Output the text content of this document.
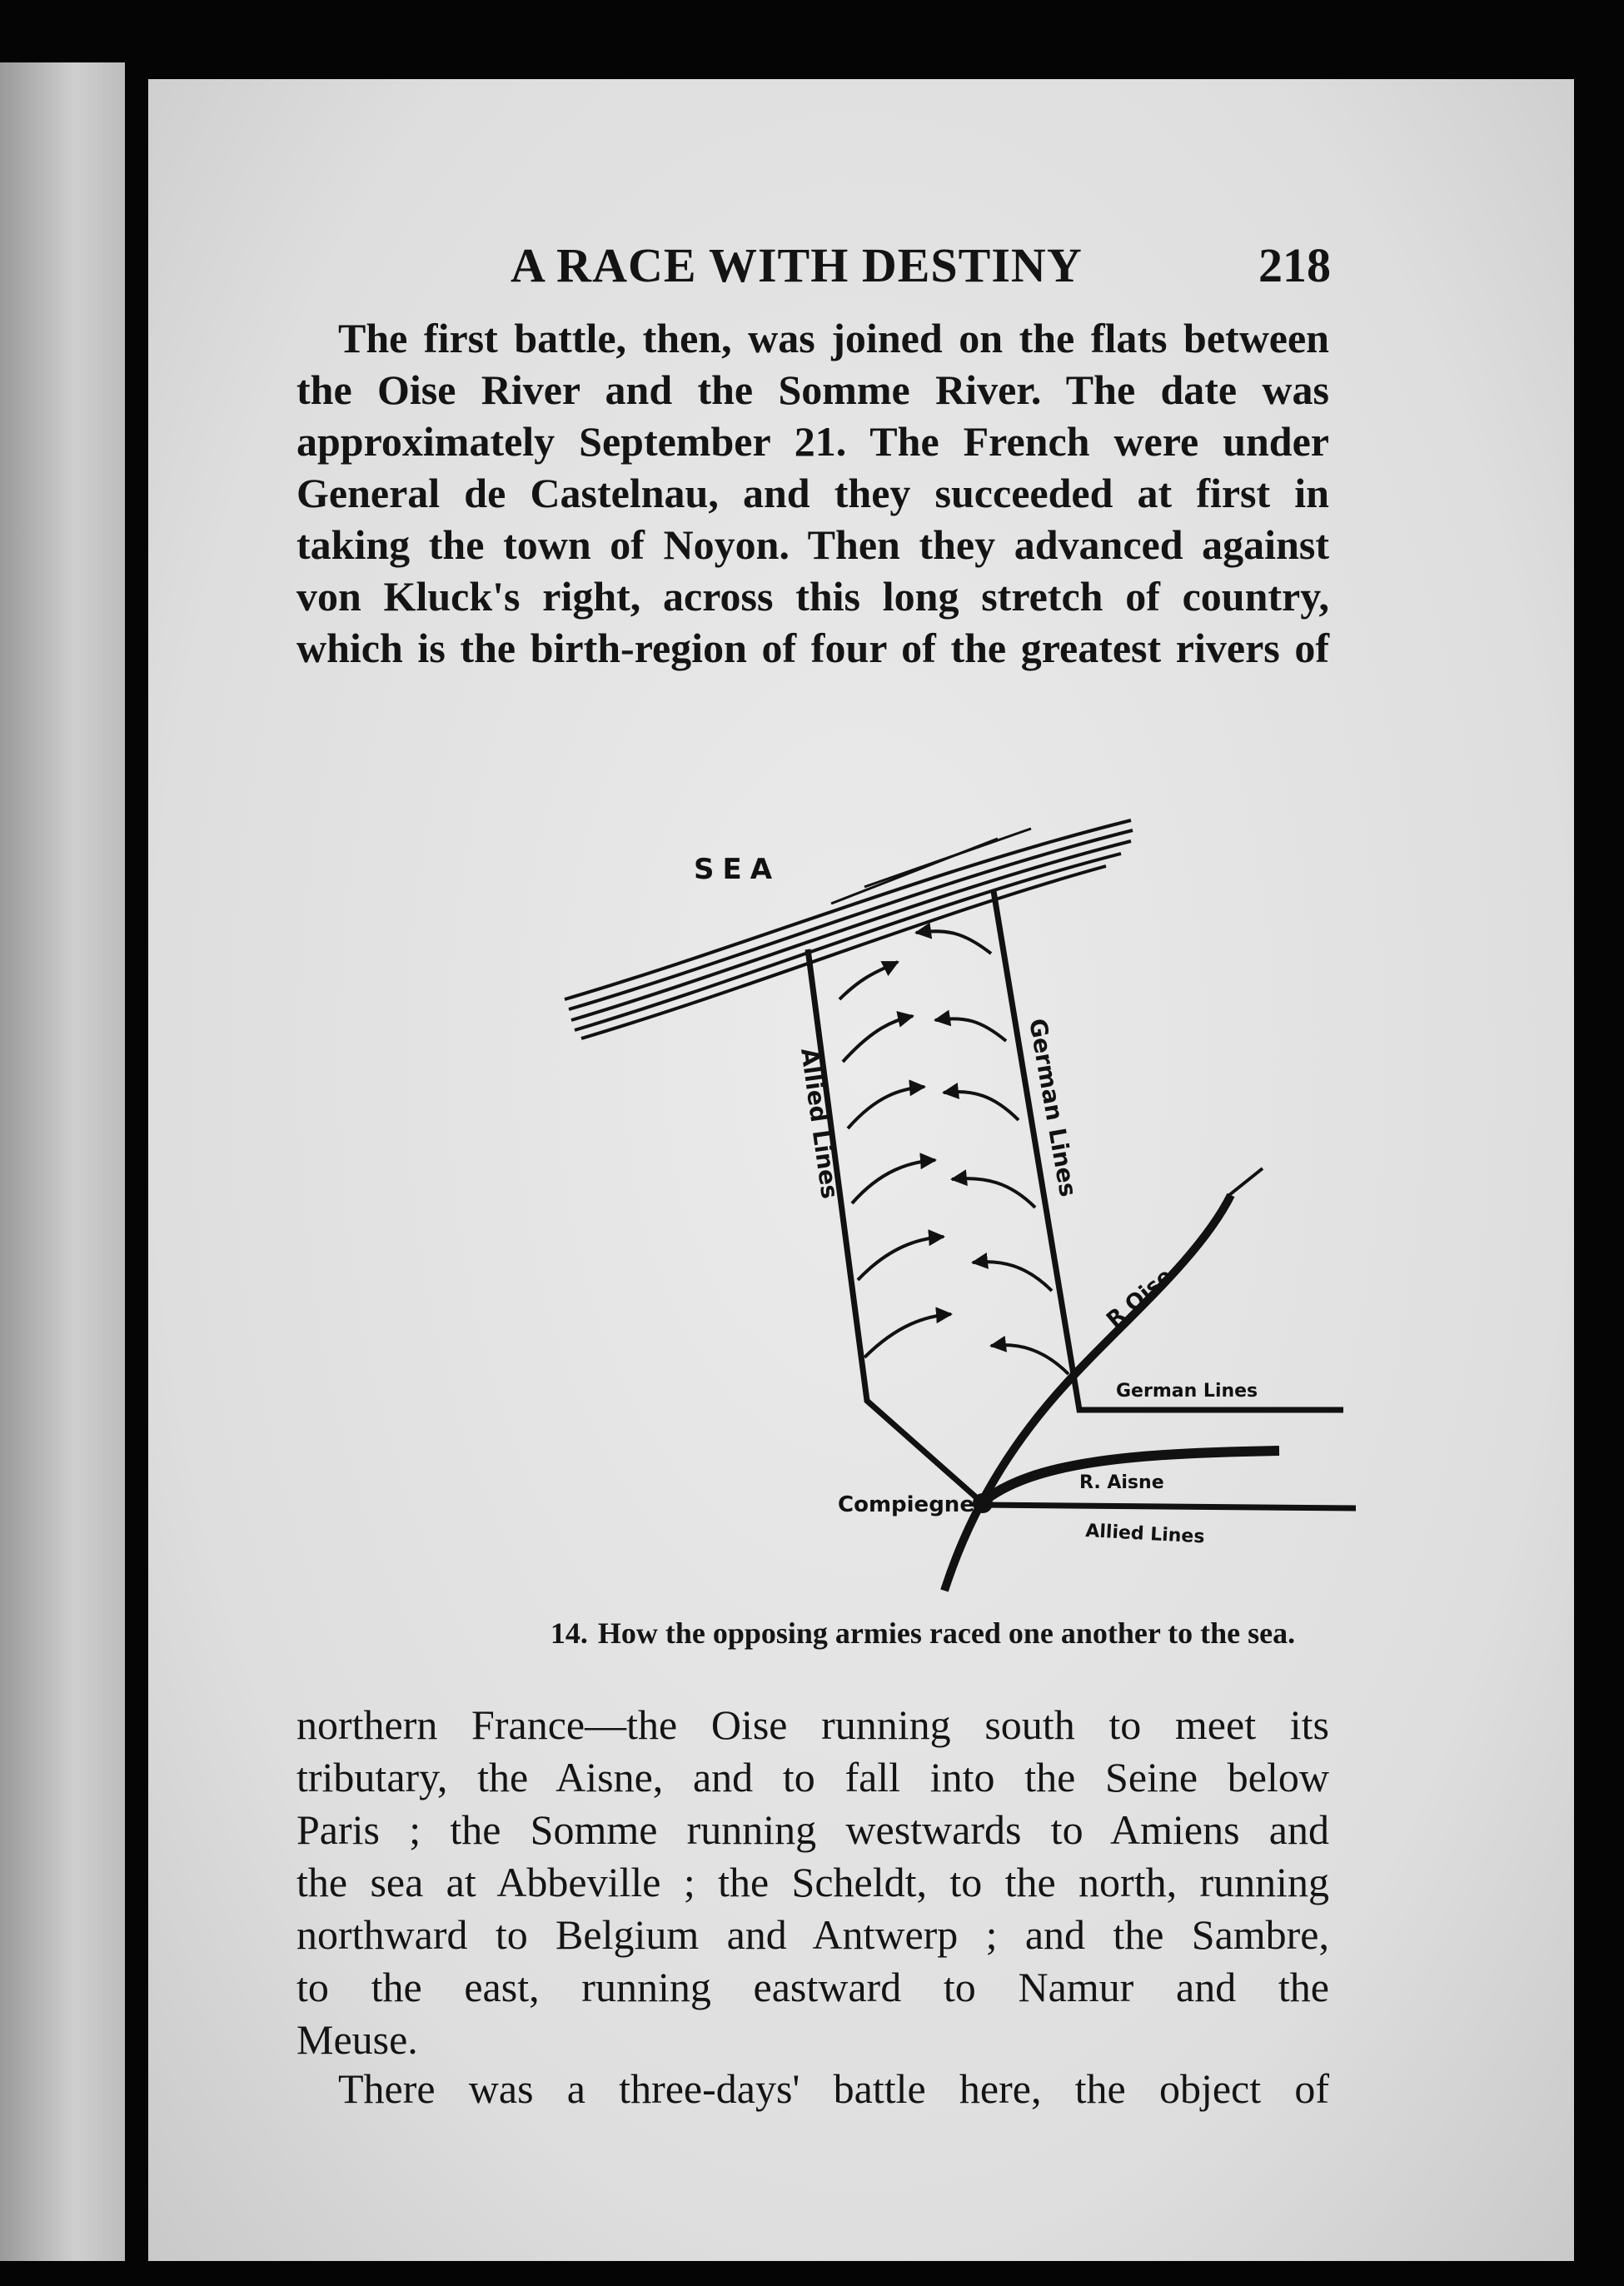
A RACE WITH DESTINY	218

The first battle, then, was joined on the flats between
the Oise River and the Somme River. The date was
approximately September 21. The French were under
General de Castelnau, and they succeeded at first in
taking the town of Noyon. Then they advanced against
von Kluck's right, across this long stretch of country,
which is the birth-region of four of the greatest rivers of

SEA
Allied Lines	German Lines
R Oise
German Lines
R. Aisne
Allied Lines
Compiegne
14. How the opposing armies raced one another to the sea.

northern France—the Oise running south to meet its
tributary, the Aisne, and to fall into the Seine below
Paris ; the Somme running westwards to Amiens and
the sea at Abbeville ; the Scheldt, to the north, running
northward to Belgium and Antwerp ; and the Sambre,
to the east, running eastward to Namur and the
Meuse.

There was a three-days' battle here, the object of
